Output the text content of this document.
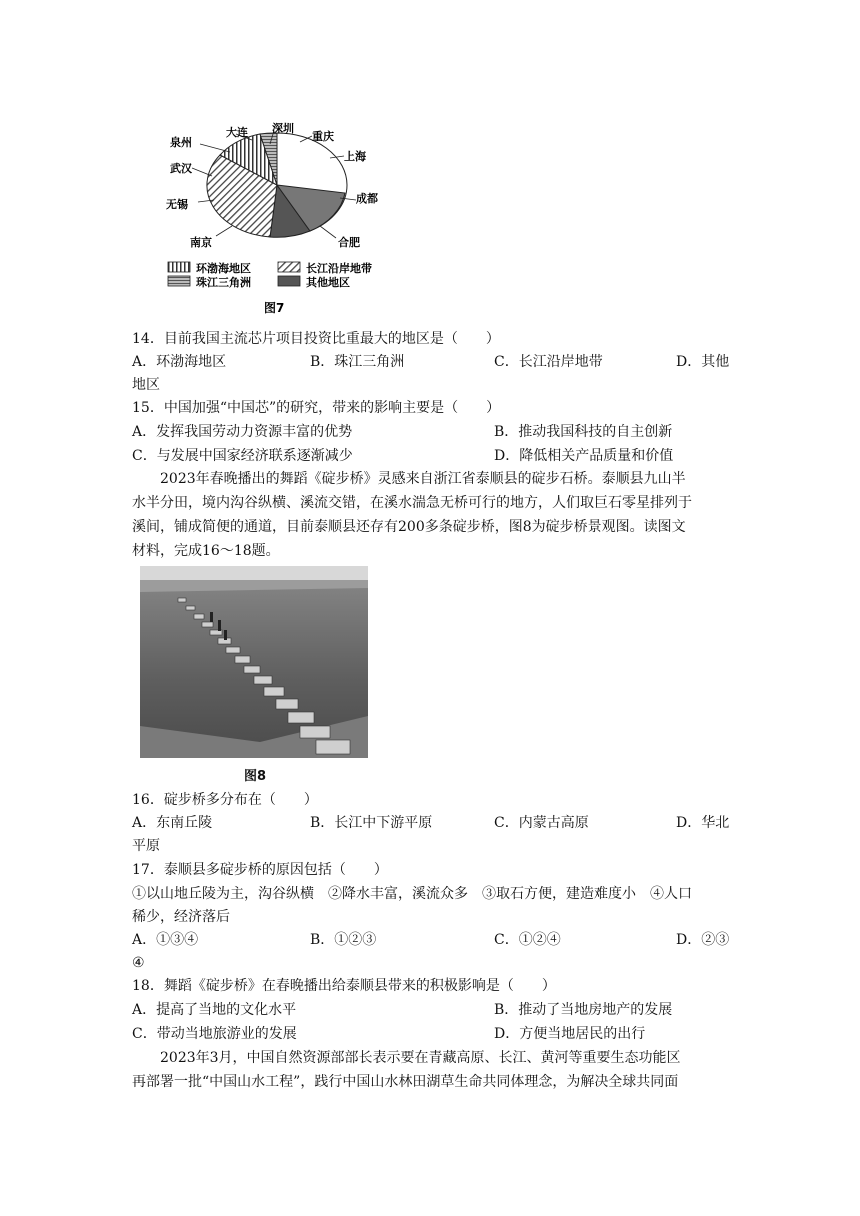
泉州
大连 深圳
重庆
上海
成都
合肥
南京
无锡
武汉
环渤海地区	长江沿岸地带
珠江三角洲	其他地区
图7
14．目前我国主流芯片项目投资比重最大的地区是（　　）
A．环渤海地区	B．珠江三角洲	C．长江沿岸地带	D．其他
地区
15．中国加强“中国芯”的研究，带来的影响主要是（　　）
A．发挥我国劳动力资源丰富的优势	B．推动我国科技的自主创新
C．与发展中国家经济联系逐渐减少	D．降低相关产品质量和价值
　　2023年春晚播出的舞蹈《碇步桥》灵感来自浙江省泰顺县的碇步石桥。泰顺县九山半
水半分田，境内沟谷纵横、溪流交错，在溪水湍急无桥可行的地方，人们取巨石零星排列于
溪间，铺成简便的通道，目前泰顺县还存有200多条碇步桥，图8为碇步桥景观图。读图文
材料，完成16～18题。
图8
16．碇步桥多分布在（　　）
A．东南丘陵	B．长江中下游平原	C．内蒙古高原	D．华北
平原
17．泰顺县多碇步桥的原因包括（　　）
①以山地丘陵为主，沟谷纵横　②降水丰富，溪流众多　③取石方便，建造难度小　④人口
稀少，经济落后
A．①③④	B．①②③	C．①②④	D．②③
④
18．舞蹈《碇步桥》在春晚播出给泰顺县带来的积极影响是（　　）
A．提高了当地的文化水平	B．推动了当地房地产的发展
C．带动当地旅游业的发展	D．方便当地居民的出行
　　2023年3月，中国自然资源部部长表示要在青藏高原、长江、黄河等重要生态功能区
再部署一批“中国山水工程”，践行中国山水林田湖草生命共同体理念，为解决全球共同面
